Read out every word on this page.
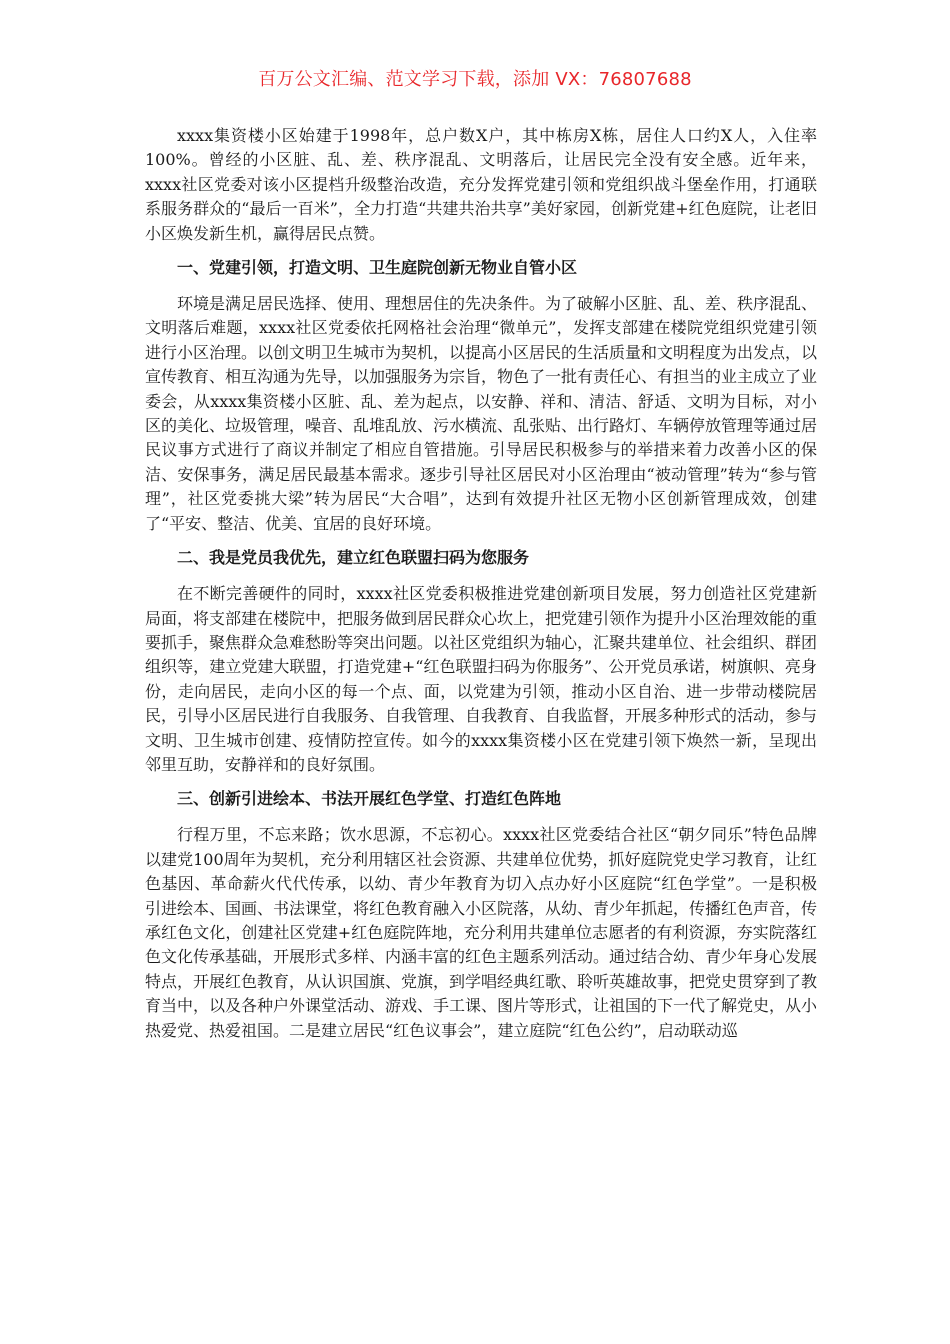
百万公文汇编、范文学习下载，添加 VX：76807688

xxxx集资楼小区始建于1998年，总户数X户，其中栋房X栋，居住人口约X人，入住率100%。曾经的小区脏、乱、差、秩序混乱、文明落后，让居民完全没有安全感。近年来，xxxx社区党委对该小区提档升级整治改造，充分发挥党建引领和党组织战斗堡垒作用，打通联系服务群众的“最后一百米”，全力打造“共建共治共享”美好家园，创新党建+红色庭院，让老旧小区焕发新生机，赢得居民点赞。

一、党建引领，打造文明、卫生庭院创新无物业自管小区

环境是满足居民选择、使用、理想居住的先决条件。为了破解小区脏、乱、差、秩序混乱、文明落后难题，xxxx社区党委依托网格社会治理“微单元”，发挥支部建在楼院党组织党建引领进行小区治理。以创文明卫生城市为契机，以提高小区居民的生活质量和文明程度为出发点，以宣传教育、相互沟通为先导，以加强服务为宗旨，物色了一批有责任心、有担当的业主成立了业委会，从xxxx集资楼小区脏、乱、差为起点，以安静、祥和、清洁、舒适、文明为目标，对小区的美化、垃圾管理，噪音、乱堆乱放、污水横流、乱张贴、出行路灯、车辆停放管理等通过居民议事方式进行了商议并制定了相应自管措施。引导居民积极参与的举措来着力改善小区的保洁、安保事务，满足居民最基本需求。逐步引导社区居民对小区治理由“被动管理”转为“参与管理”，社区党委挑大梁”转为居民“大合唱”，达到有效提升社区无物小区创新管理成效，创建了“平安、整洁、优美、宜居的良好环境。

二、我是党员我优先，建立红色联盟扫码为您服务

在不断完善硬件的同时，xxxx社区党委积极推进党建创新项目发展，努力创造社区党建新局面，将支部建在楼院中，把服务做到居民群众心坎上，把党建引领作为提升小区治理效能的重要抓手，聚焦群众急难愁盼等突出问题。以社区党组织为轴心，汇聚共建单位、社会组织、群团组织等，建立党建大联盟，打造党建+“红色联盟扫码为你服务”、公开党员承诺，树旗帜、亮身份，走向居民，走向小区的每一个点、面，以党建为引领，推动小区自治、进一步带动楼院居民，引导小区居民进行自我服务、自我管理、自我教育、自我监督，开展多种形式的活动，参与文明、卫生城市创建、疫情防控宣传。如今的xxxx集资楼小区在党建引领下焕然一新，呈现出邻里互助，安静祥和的良好氛围。

三、创新引进绘本、书法开展红色学堂、打造红色阵地

行程万里，不忘来路；饮水思源，不忘初心。xxxx社区党委结合社区“朝夕同乐”特色品牌以建党100周年为契机，充分利用辖区社会资源、共建单位优势，抓好庭院党史学习教育，让红色基因、革命薪火代代传承，以幼、青少年教育为切入点办好小区庭院“红色学堂”。一是积极引进绘本、国画、书法课堂，将红色教育融入小区院落，从幼、青少年抓起，传播红色声音，传承红色文化，创建社区党建+红色庭院阵地，充分利用共建单位志愿者的有利资源，夯实院落红色文化传承基础，开展形式多样、内涵丰富的红色主题系列活动。通过结合幼、青少年身心发展特点，开展红色教育，从认识国旗、党旗，到学唱经典红歌、聆听英雄故事，把党史贯穿到了教育当中，以及各种户外课堂活动、游戏、手工课、图片等形式，让祖国的下一代了解党史，从小热爱党、热爱祖国。二是建立居民“红色议事会”，建立庭院“红色公约”，启动联动巡
